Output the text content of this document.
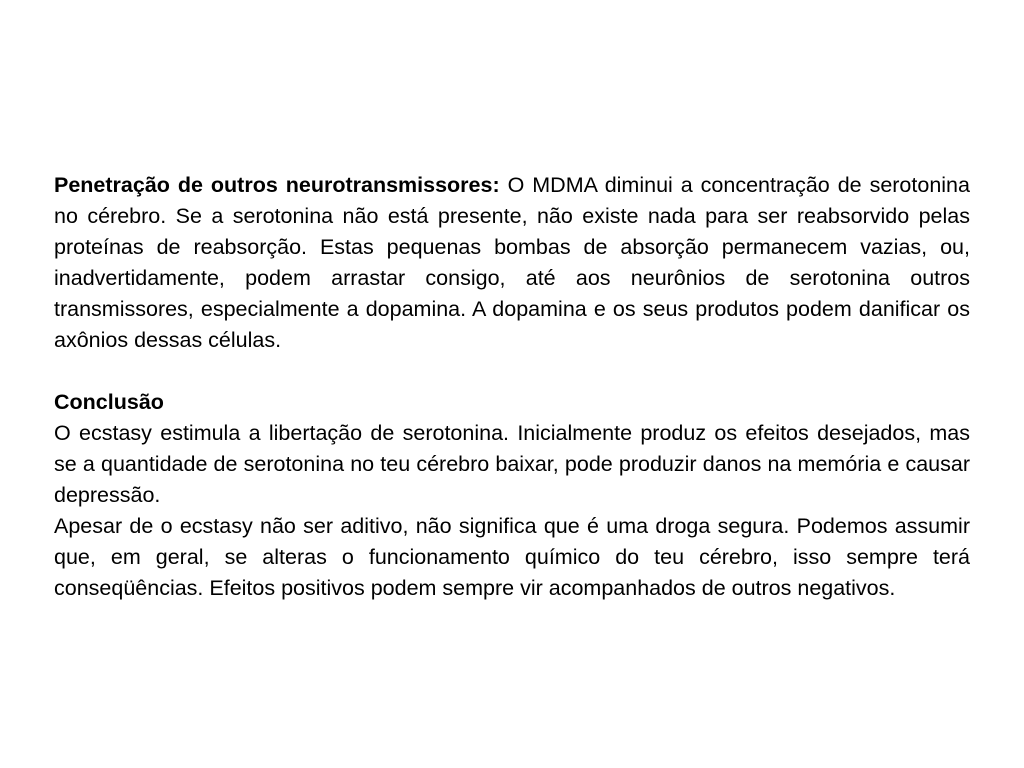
Penetração de outros neurotransmissores: O MDMA diminui a concentração de serotonina no cérebro. Se a serotonina não está presente, não existe nada para ser reabsorvido pelas proteínas de reabsorção. Estas pequenas bombas de absorção permanecem vazias, ou, inadvertidamente, podem arrastar consigo, até aos neurônios de serotonina outros transmissores, especialmente a dopamina. A dopamina e os seus produtos podem danificar os axônios dessas células.

Conclusão

O ecstasy estimula a libertação de serotonina. Inicialmente produz os efeitos desejados, mas se a quantidade de serotonina no teu cérebro baixar, pode produzir danos na memória e causar depressão.

Apesar de o ecstasy não ser aditivo, não significa que é uma droga segura. Podemos assumir que, em geral, se alteras o funcionamento químico do teu cérebro, isso sempre terá conseqüências. Efeitos positivos podem sempre vir acompanhados de outros negativos.
